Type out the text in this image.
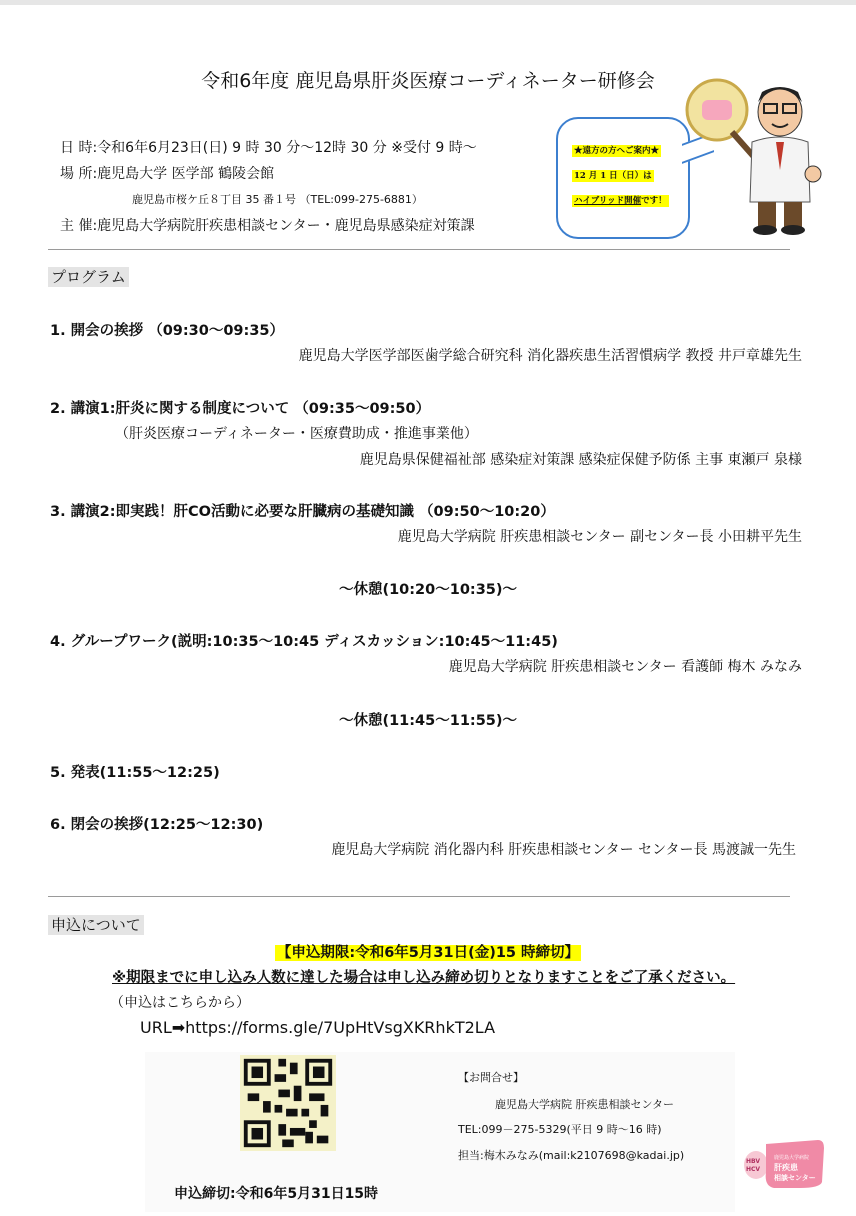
令和6年度 鹿児島県肝炎医療コーディネーター研修会
日 時:令和6年6月23日(日) 9 時 30 分～12時 30 分 ※受付 9 時～
場 所:鹿児島大学 医学部 鶴陵会館
鹿児島市桜ケ丘８丁目 35 番１号 （TEL:099-275-6881）
主 催:鹿児島大学病院肝疾患相談センター・鹿児島県感染症対策課
★遠方の方へご案内★
12 月 1 日（日）は
ハイブリッド開催です！
プログラム
1. 開会の挨拶 （09:30～09:35）
鹿児島大学医学部医歯学総合研究科 消化器疾患生活習慣病学 教授 井戸章雄先生
2. 講演1:肝炎に関する制度について （09:35～09:50）
（肝炎医療コーディネーター・医療費助成・推進事業他）
鹿児島県保健福祉部 感染症対策課 感染症保健予防係 主事 東瀬戸 泉様
3. 講演2:即実践！肝CO活動に必要な肝臓病の基礎知識 （09:50～10:20）
鹿児島大学病院 肝疾患相談センター 副センター長 小田耕平先生
～休憩(10:20～10:35)～
4. グループワーク(説明:10:35～10:45 ディスカッション:10:45～11:45)
鹿児島大学病院 肝疾患相談センター 看護師 梅木 みなみ
～休憩(11:45～11:55)～
5. 発表(11:55～12:25)
6. 閉会の挨拶(12:25～12:30)
鹿児島大学病院 消化器内科 肝疾患相談センター センター長 馬渡誠一先生
申込について
【申込期限:令和6年5月31日(金)15 時締切】
※期限までに申し込み人数に達した場合は申し込み締め切りとなりますことをご了承ください。
（申込はこちらから）
URL➡https://forms.gle/7UpHtVsgXKRhkT2LA
申込締切:令和6年5月31日15時
【お問合せ】
鹿児島大学病院 肝疾患相談センター
TEL:099－275-5329(平日 9 時～16 時)
担当:梅木みなみ(mail:k2107698@kadai.jp)	HBV
HCV
鹿児島大学病院
肝疾患
相談センター
